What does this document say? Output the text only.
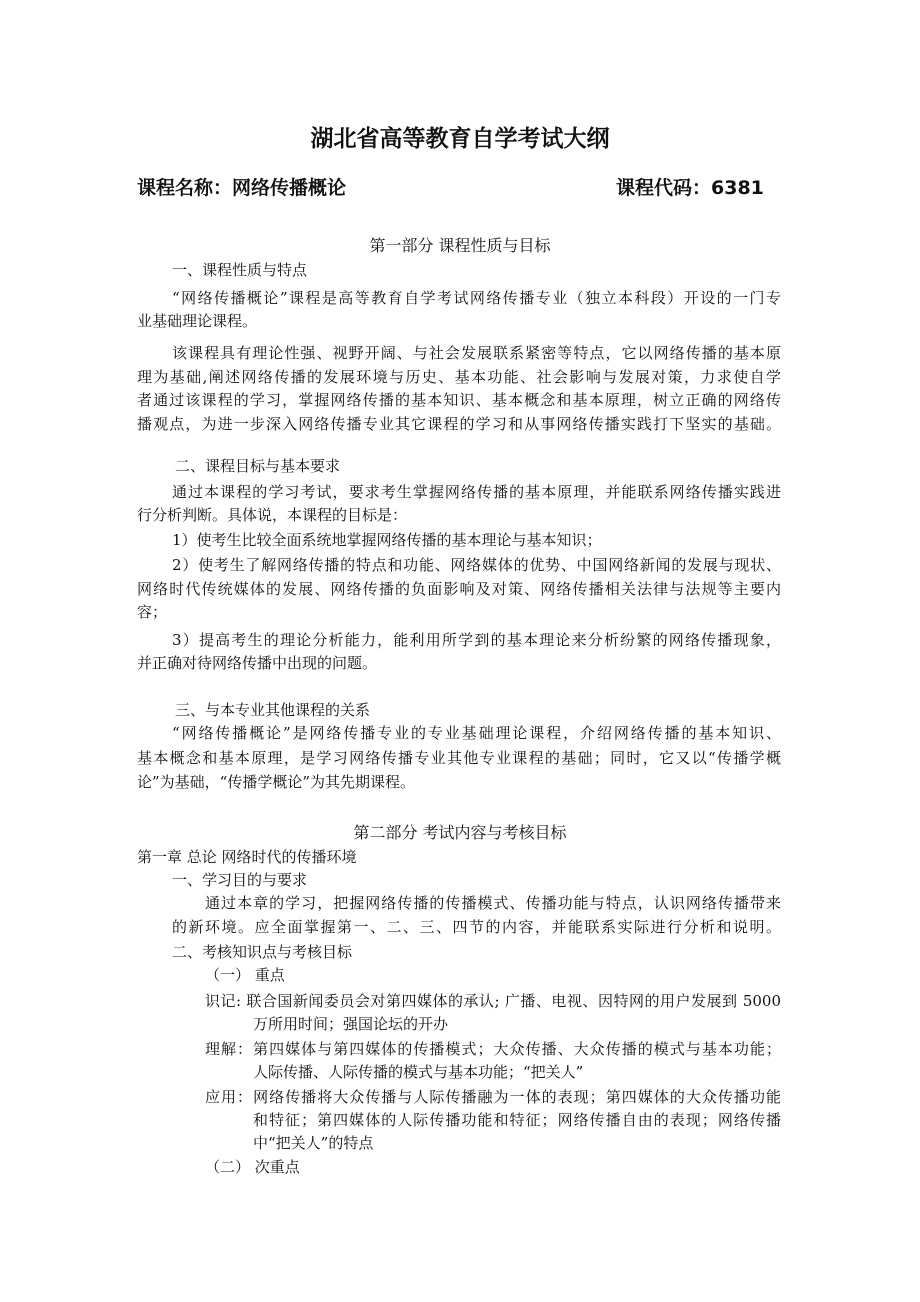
湖北省高等教育自学考试大纲
课程名称：网络传播概论	课程代码：6381
第一部分 课程性质与目标
第二部分 考试内容与考核目标
一、课程性质与特点
“网络传播概论”课程是高等教育自学考试网络传播专业（独立本科段）开设的一门专
业基础理论课程。
该课程具有理论性强、视野开阔、与社会发展联系紧密等特点，它以网络传播的基本原
理为基础,阐述网络传播的发展环境与历史、基本功能、社会影响与发展对策，力求使自学
者通过该课程的学习，掌握网络传播的基本知识、基本概念和基本原理，树立正确的网络传
播观点，为进一步深入网络传播专业其它课程的学习和从事网络传播实践打下坚实的基础。
二、课程目标与基本要求
通过本课程的学习考试，要求考生掌握网络传播的基本原理，并能联系网络传播实践进
行分析判断。具体说，本课程的目标是：
1）使考生比较全面系统地掌握网络传播的基本理论与基本知识；
2）使考生了解网络传播的特点和功能、网络媒体的优势、中国网络新闻的发展与现状、
网络时代传统媒体的发展、网络传播的负面影响及对策、网络传播相关法律与法规等主要内
容；
3）提高考生的理论分析能力，能利用所学到的基本理论来分析纷繁的网络传播现象，
并正确对待网络传播中出现的问题。
三、与本专业其他课程的关系
“网络传播概论”是网络传播专业的专业基础理论课程，介绍网络传播的基本知识、
基本概念和基本原理，是学习网络传播专业其他专业课程的基础；同时，它又以“传播学概
论”为基础，“传播学概论”为其先期课程。
第一章 总论 网络时代的传播环境
一、学习目的与要求
通过本章的学习，把握网络传播的传播模式、传播功能与特点，认识网络传播带来
的新环境。应全面掌握第一、二、三、四节的内容，并能联系实际进行分析和说明。
二、考核知识点与考核目标
（一） 重点
识记: 联合国新闻委员会对第四媒体的承认; 广播、电视、因特网的用户发展到 5000
万所用时间；强国论坛的开办
理解：第四媒体与第四媒体的传播模式；大众传播、大众传播的模式与基本功能；
人际传播、人际传播的模式与基本功能；“把关人”
应用：网络传播将大众传播与人际传播融为一体的表现；第四媒体的大众传播功能
和特征；第四媒体的人际传播功能和特征；网络传播自由的表现；网络传播
中“把关人”的特点
（二） 次重点
